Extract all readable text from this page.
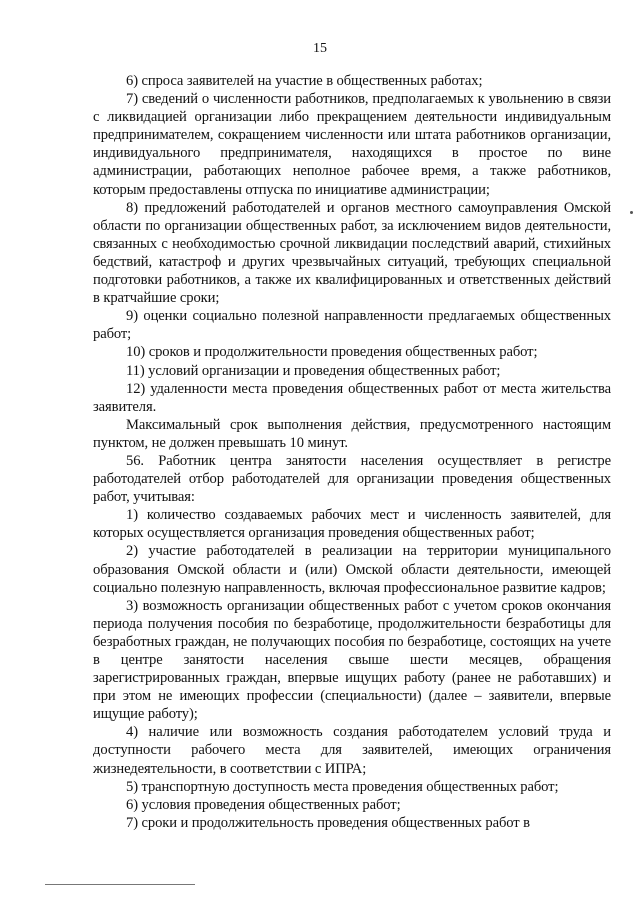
15

6) спроса заявителей на участие в общественных работах;

7) сведений о численности работников, предполагаемых к увольнению в связи с ликвидацией организации либо прекращением деятельности индивидуальным предпринимателем, сокращением численности или штата работников организации, индивидуального предпринимателя, находящихся в простое по вине администрации, работающих неполное рабочее время, а также работников, которым предоставлены отпуска по инициативе администрации;

8) предложений работодателей и органов местного самоуправления Омской области по организации общественных работ, за исключением видов деятельности, связанных с необходимостью срочной ликвидации последствий аварий, стихийных бедствий, катастроф и других чрезвычайных ситуаций, требующих специальной подготовки работников, а также их квалифицированных и ответственных действий в кратчайшие сроки;

9) оценки социально полезной направленности предлагаемых общественных работ;

10) сроков и продолжительности проведения общественных работ;

11) условий организации и проведения общественных работ;

12) удаленности места проведения общественных работ от места жительства заявителя.

Максимальный срок выполнения действия, предусмотренного настоящим пунктом, не должен превышать 10 минут.

56. Работник центра занятости населения осуществляет в регистре работодателей отбор работодателей для организации проведения общественных работ, учитывая:

1) количество создаваемых рабочих мест и численность заявителей, для которых осуществляется организация проведения общественных работ;

2) участие работодателей в реализации на территории муниципального образования Омской области и (или) Омской области деятельности, имеющей социально полезную направленность, включая профессиональное развитие кадров;

3) возможность организации общественных работ с учетом сроков окончания периода получения пособия по безработице, продолжительности безработицы для безработных граждан, не получающих пособия по безработице, состоящих на учете в центре занятости населения свыше шести месяцев, обращения зарегистрированных граждан, впервые ищущих работу (ранее не работавших) и при этом не имеющих профессии (специальности) (далее – заявители, впервые ищущие работу);

4) наличие или возможность создания работодателем условий труда и доступности рабочего места для заявителей, имеющих ограничения жизнедеятельности, в соответствии с ИПРА;

5) транспортную доступность места проведения общественных работ;

6) условия проведения общественных работ;

7) сроки и продолжительность проведения общественных работ в
